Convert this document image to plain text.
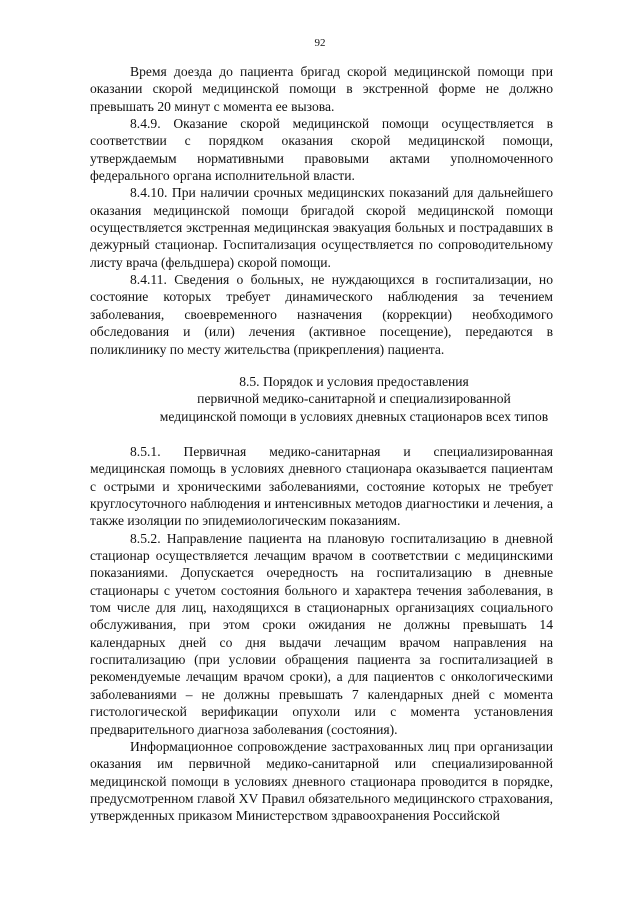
92

Время доезда до пациента бригад скорой медицинской помощи при оказании скорой медицинской помощи в экстренной форме не должно превышать 20 минут с момента ее вызова.

8.4.9. Оказание скорой медицинской помощи осуществляется в соответствии с порядком оказания скорой медицинской помощи, утверждаемым нормативными правовыми актами уполномоченного федерального органа исполнительной власти.

8.4.10. При наличии срочных медицинских показаний для дальнейшего оказания медицинской помощи бригадой скорой медицинской помощи осуществляется экстренная медицинская эвакуация больных и пострадавших в дежурный стационар. Госпитализация осуществляется по сопроводительному листу врача (фельдшера) скорой помощи.

8.4.11. Сведения о больных, не нуждающихся в госпитализации, но состояние которых требует динамического наблюдения за течением заболевания, своевременного назначения (коррекции) необходимого обследования и (или) лечения (активное посещение), передаются в поликлинику по месту жительства (прикрепления) пациента.

8.5. Порядок и условия предоставления
первичной медико-санитарной и специализированной
медицинской помощи в условиях дневных стационаров всех типов

8.5.1. Первичная медико-санитарная и специализированная медицинская помощь в условиях дневного стационара оказывается пациентам с острыми и хроническими заболеваниями, состояние которых не требует круглосуточного наблюдения и интенсивных методов диагностики и лечения, а также изоляции по эпидемиологическим показаниям.

8.5.2. Направление пациента на плановую госпитализацию в дневной стационар осуществляется лечащим врачом в соответствии с медицинскими показаниями. Допускается очередность на госпитализацию в дневные стационары с учетом состояния больного и характера течения заболевания, в том числе для лиц, находящихся в стационарных организациях социального обслуживания, при этом сроки ожидания не должны превышать 14 календарных дней со дня выдачи лечащим врачом направления на госпитализацию (при условии обращения пациента за госпитализацией в рекомендуемые лечащим врачом сроки), а для пациентов с онкологическими заболеваниями – не должны превышать 7 календарных дней с момента гистологической верификации опухоли или с момента установления предварительного диагноза заболевания (состояния).

Информационное сопровождение застрахованных лиц при организации оказания им первичной медико-санитарной или специализированной медицинской помощи в условиях дневного стационара проводится в порядке, предусмотренном главой XV Правил обязательного медицинского страхования, утвержденных приказом Министерством здравоохранения Российской
